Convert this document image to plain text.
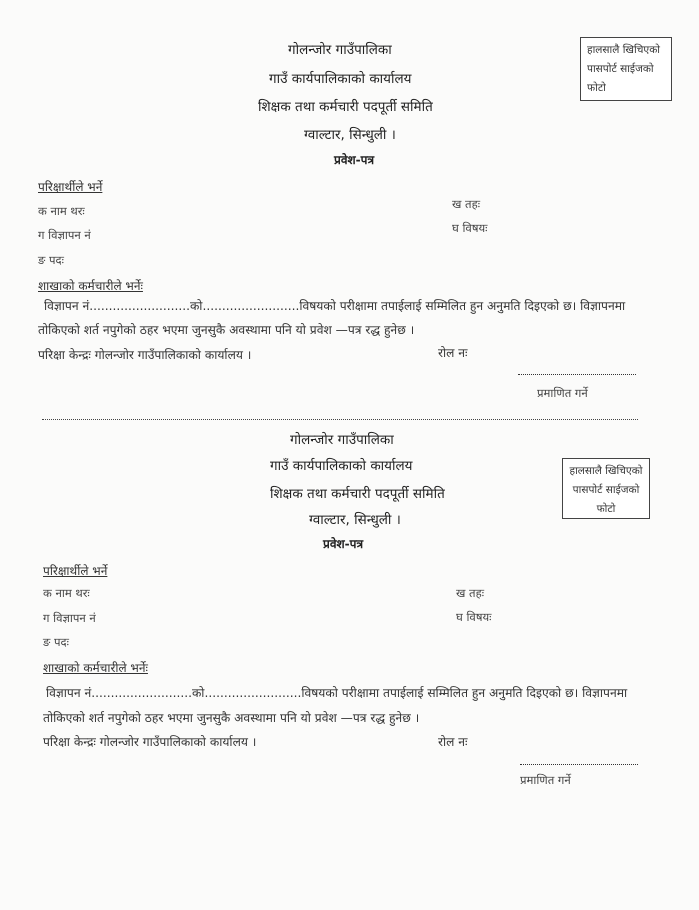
गोलन्जोर गाउँपालिका
गाउँ कार्यपालिकाको कार्यालय
शिक्षक तथा कर्मचारी पदपूर्ती समिति
ग्वाल्टार, सिन्धुली ।
प्रवेश-पत्र
हालसालै खिचिएको
पासपोर्ट साईजको
फोटो
परिक्षार्थीले भर्ने
क नाम थरः	ख तहः
ग विज्ञापन नं	घ विषयः
ङ पदः
शाखाको कर्मचारीले भर्नेः
विज्ञापन नं..........................को.........................विषयको परीक्षामा तपाईलाई सम्मिलित हुन अनुमति दिइएको छ। विज्ञापनमा
तोकिएको शर्त नपुगेको ठहर भएमा जुनसुकै अवस्थामा पनि यो प्रवेश —पत्र रद्ध हुनेछ ।
परिक्षा केन्द्रः गोलन्जोर गाउँपालिकाको कार्यालय ।	रोल नः
प्रमाणित गर्ने
गोलन्जोर गाउँपालिका
गाउँ कार्यपालिकाको कार्यालय
शिक्षक तथा कर्मचारी पदपूर्ती समिति
ग्वाल्टार, सिन्धुली ।
प्रवेश-पत्र
हालसालै खिचिएको
पासपोर्ट साईजको
फोटो
परिक्षार्थीले भर्ने
क नाम थरः	ख तहः
ग विज्ञापन नं	घ विषयः
ङ पदः
शाखाको कर्मचारीले भर्नेः
विज्ञापन नं..........................को.........................विषयको परीक्षामा तपाईलाई सम्मिलित हुन अनुमति दिइएको छ। विज्ञापनमा
तोकिएको शर्त नपुगेको ठहर भएमा जुनसुकै अवस्थामा पनि यो प्रवेश —पत्र रद्ध हुनेछ ।
परिक्षा केन्द्रः गोलन्जोर गाउँपालिकाको कार्यालय ।	रोल नः
प्रमाणित गर्ने
